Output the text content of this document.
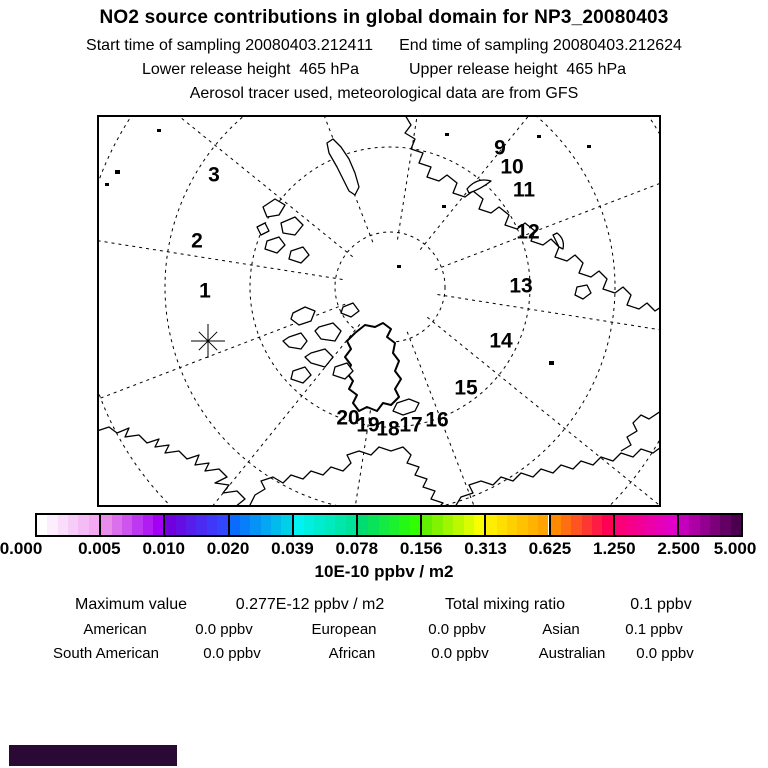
NO2 source contributions in global domain for NP3_20080403
Start time of sampling 20080403.212411 End time of sampling 20080403.212624
Lower release height  465 hPa	Upper release height  465 hPa
Aerosol tracer used, meteorological data are from GFS
1
2
3
9
10
11
12
13
14
15
16
17
18
19
20
0.000 0.005 0.010 0.020 0.039 0.078 0.156 0.313 0.625 1.250 2.500 5.000
10E-10 ppbv / m2
Maximum value	0.277E-12 ppbv / m2	Total mixing ratio	0.1 ppbv
American	0.0 ppbv	European	0.0 ppbv	Asian	0.1 ppbv
South American	0.0 ppbv	African	0.0 ppbv	Australian 0.0 ppbv
